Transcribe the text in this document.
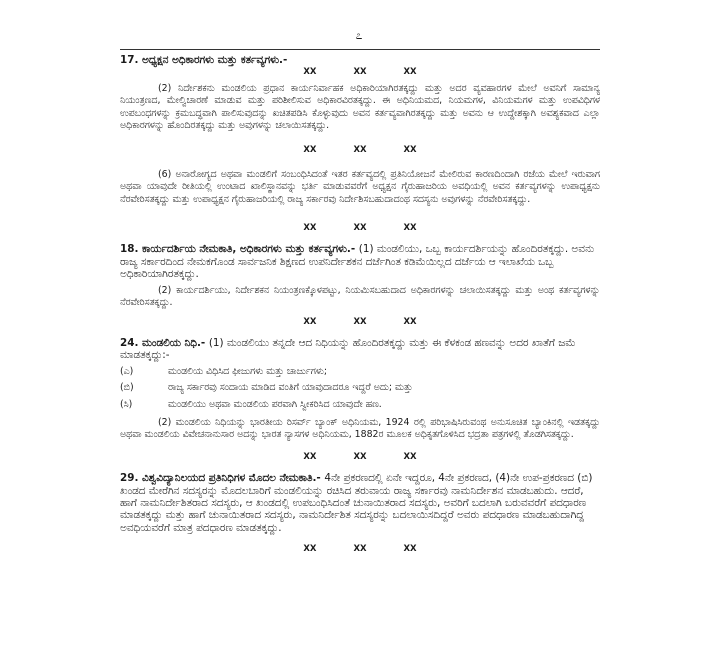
೭

17. ಅಧ್ಯಕ್ಷನ ಅಧಿಕಾರಗಳು ಮತ್ತು ಕರ್ತವ್ಯಗಳು.-

XX XX XX

(2) ನಿರ್ದೇಶಕನು ಮಂಡಲಿಯ ಪ್ರಧಾನ ಕಾರ್ಯನಿರ್ವಾಹಕ ಅಧಿಕಾರಿಯಾಗಿರತಕ್ಕದ್ದು ಮತ್ತು ಅದರ ವ್ಯವಹಾರಗಳ ಮೇಲೆ ಅವನಿಗೆ ಸಾಮಾನ್ಯ ನಿಯಂತ್ರಣದ, ಮೇಲ್ವಿಚಾರಣೆ ಮಾಡುವ ಮತ್ತು ಪರಿಶೀಲಿಸುವ ಅಧಿಕಾರವಿರತಕ್ಕದ್ದು. ಈ ಅಧಿನಿಯಮದ, ನಿಯಮಗಳ, ವಿನಿಯಮಗಳ ಮತ್ತು ಉಪವಿಧಿಗಳ ಉಪಬಂಧಗಳನ್ನು ಕ್ರಮಬದ್ಧವಾಗಿ ಪಾಲಿಸುವುದನ್ನು ಖಚಿತಪಡಿಸಿ ಕೊಳ್ಳುವುದು ಅವನ ಕರ್ತವ್ಯವಾಗಿರತಕ್ಕದ್ದು ಮತ್ತು ಅವನು ಆ ಉದ್ದೇಶಕ್ಕಾಗಿ ಅವಶ್ಯಕವಾದ ಎಲ್ಲಾ ಅಧಿಕಾರಗಳನ್ನು ಹೊಂದಿರತಕ್ಕದ್ದು ಮತ್ತು ಅವುಗಳನ್ನು ಚಲಾಯಿಸತಕ್ಕದ್ದು.

XX XX XX

(6) ಅನಾರೋಗ್ಯದ ಅಥವಾ ಮಂಡಲಿಗೆ ಸಂಬಂಧಿಸಿದಂತೆ ಇತರ ಕರ್ತವ್ಯದಲ್ಲಿ ಪ್ರತಿನಿಯೋಜನೆ ಮೇಲಿರುವ ಕಾರಣದಿಂದಾಗಿ ರಜೆಯ ಮೇಲೆ ಇರುವಾಗ ಅಥವಾ ಯಾವುದೇ ರೀತಿಯಲ್ಲಿ ಉಂಟಾದ ಖಾಲಿಸ್ಥಾನವನ್ನು ಭರ್ತಿ ಮಾಡುವವರೆಗೆ ಅಧ್ಯಕ್ಷನ ಗೈರುಹಾಜರಿಯ ಅವಧಿಯಲ್ಲಿ ಅವನ ಕರ್ತವ್ಯಗಳನ್ನು ಉಪಾಧ್ಯಕ್ಷನು ನೆರವೇರಿಸತಕ್ಕದ್ದು ಮತ್ತು ಉಪಾಧ್ಯಕ್ಷನ ಗೈರುಹಾಜರಿಯಲ್ಲಿ ರಾಜ್ಯ ಸರ್ಕಾರವು ನಿರ್ದೇಶಿಸಬಹುದಾದಂಥ ಸದಸ್ಯನು ಅವುಗಳನ್ನು ನೆರವೇರಿಸತಕ್ಕದ್ದು.

XX XX XX

18. ಕಾರ್ಯದರ್ಶಿಯ ನೇಮಕಾತಿ, ಅಧಿಕಾರಗಳು ಮತ್ತು ಕರ್ತವ್ಯಗಳು.- (1) ಮಂಡಲಿಯು, ಒಬ್ಬ ಕಾರ್ಯದರ್ಶಿಯನ್ನು ಹೊಂದಿರತಕ್ಕದ್ದು. ಅವನು ರಾಜ್ಯ ಸರ್ಕಾರದಿಂದ ನೇಮಕಗೊಂಡ ಸಾರ್ವಜನಿಕ ಶಿಕ್ಷಣದ ಉಪನಿರ್ದೇಶಕನ ದರ್ಜೆಗಿಂತ ಕಡಿಮೆಯಿಲ್ಲದ ದರ್ಜೆಯ ಆ ಇಲಾಖೆಯ ಒಬ್ಬ ಅಧಿಕಾರಿಯಾಗಿರತಕ್ಕದ್ದು.

(2) ಕಾರ್ಯದರ್ಶಿಯು, ನಿರ್ದೇಶಕನ ನಿಯಂತ್ರಣಕ್ಕೊಳಪಟ್ಟು, ನಿಯಮಿಸಬಹುದಾದ ಅಧಿಕಾರಗಳನ್ನು ಚಲಾಯಿಸತಕ್ಕದ್ದು ಮತ್ತು ಅಂಥ ಕರ್ತವ್ಯಗಳನ್ನು ನೆರವೇರಿಸತಕ್ಕದ್ದು.

XX XX XX

24. ಮಂಡಲಿಯ ನಿಧಿ.- (1) ಮಂಡಲಿಯು ತನ್ನದೇ ಆದ ನಿಧಿಯನ್ನು ಹೊಂದಿರತಕ್ಕದ್ದು ಮತ್ತು ಈ ಕೆಳಕಂಡ ಹಣವನ್ನು ಅದರ ಖಾತೆಗೆ ಜಮೆ ಮಾಡತಕ್ಕದ್ದು:-

(ಎ)	ಮಂಡಲಿಯ ವಿಧಿಸಿದ ಫೀಜುಗಳು ಮತ್ತು ಚಾರ್ಜುಗಳು;
(ಬಿ)	ರಾಜ್ಯ ಸರ್ಕಾರವು ಸಂದಾಯ ಮಾಡಿದ ವಂತಿಗೆ ಯಾವುದಾದರೂ ಇದ್ದರೆ ಅದು; ಮತ್ತು
(ಸಿ)	ಮಂಡಲಿಯು ಅಥವಾ ಮಂಡಲಿಯ ಪರವಾಗಿ ಸ್ವೀಕರಿಸಿದ ಯಾವುದೇ ಹಣ.

(2) ಮಂಡಲಿಯ ನಿಧಿಯನ್ನು ಭಾರತೀಯ ರಿಸರ್ವ್ ಬ್ಯಾಂಕ್ ಅಧಿನಿಯಮ, 1924 ರಲ್ಲಿ ಪರಿಭಾಷಿಸಿರುವಂಥ ಅನುಸೂಚಿತ ಬ್ಯಾಂಕಿನಲ್ಲಿ ಇಡತಕ್ಕದ್ದು ಅಥವಾ ಮಂಡಲಿಯ ವಿವೇಚನಾನುಸಾರ ಅದನ್ನು ಭಾರತ ನ್ಯಾಸಗಳ ಅಧಿನಿಯಮ, 1882ರ ಮೂಲಕ ಅಧಿಕೃತಗೊಳಿಸಿದ ಭದ್ರತಾ ಪತ್ರಗಳಲ್ಲಿ ತೊಡಗಿಸತಕ್ಕದ್ದು.

XX XX XX

29. ವಿಶ್ವವಿದ್ಯಾನಿಲಯದ ಪ್ರತಿನಿಧಿಗಳ ಮೊದಲ ನೇಮಕಾತಿ.- 4ನೇ ಪ್ರಕರಣದಲ್ಲಿ ಏನೇ ಇದ್ದರೂ, 4ನೇ ಪ್ರಕರಣದ, (4)ನೇ ಉಪ-ಪ್ರಕರಣದ (ಬಿ) ಖಂಡದ ಮೇರೆಗಿನ ಸದಸ್ಯರನ್ನು ಮೊದಲಬಾರಿಗೆ ಮಂಡಲಿಯನ್ನು ರಚಿಸಿದ ತರುವಾಯ ರಾಜ್ಯ ಸರ್ಕಾರವು ನಾಮನಿರ್ದೇಶನ ಮಾಡಬಹುದು. ಆದರೆ, ಹಾಗೆ ನಾಮನಿರ್ದೇಶಿತರಾದ ಸದಸ್ಯರು, ಆ ಖಂಡದಲ್ಲಿ ಉಪಬಂಧಿಸಿದಂತೆ ಚುನಾಯಿತರಾದ ಸದಸ್ಯರು, ಅವರಿಗೆ ಬದಲಾಗಿ ಬರುವವರೆಗೆ ಪದಧಾರಣ ಮಾಡತಕ್ಕದ್ದು ಮತ್ತು ಹಾಗೆ ಚುನಾಯಿತರಾದ ಸದಸ್ಯರು, ನಾಮನಿರ್ದೇಶಿತ ಸದಸ್ಯರನ್ನು ಬದಲಾಯಿಸದಿದ್ದರೆ ಅವರು ಪದಧಾರಣ ಮಾಡಬಹುದಾಗಿದ್ದ ಅವಧಿಯವರೆಗೆ ಮಾತ್ರ ಪದಧಾರಣ ಮಾಡತಕ್ಕದ್ದು.

XX XX XX
